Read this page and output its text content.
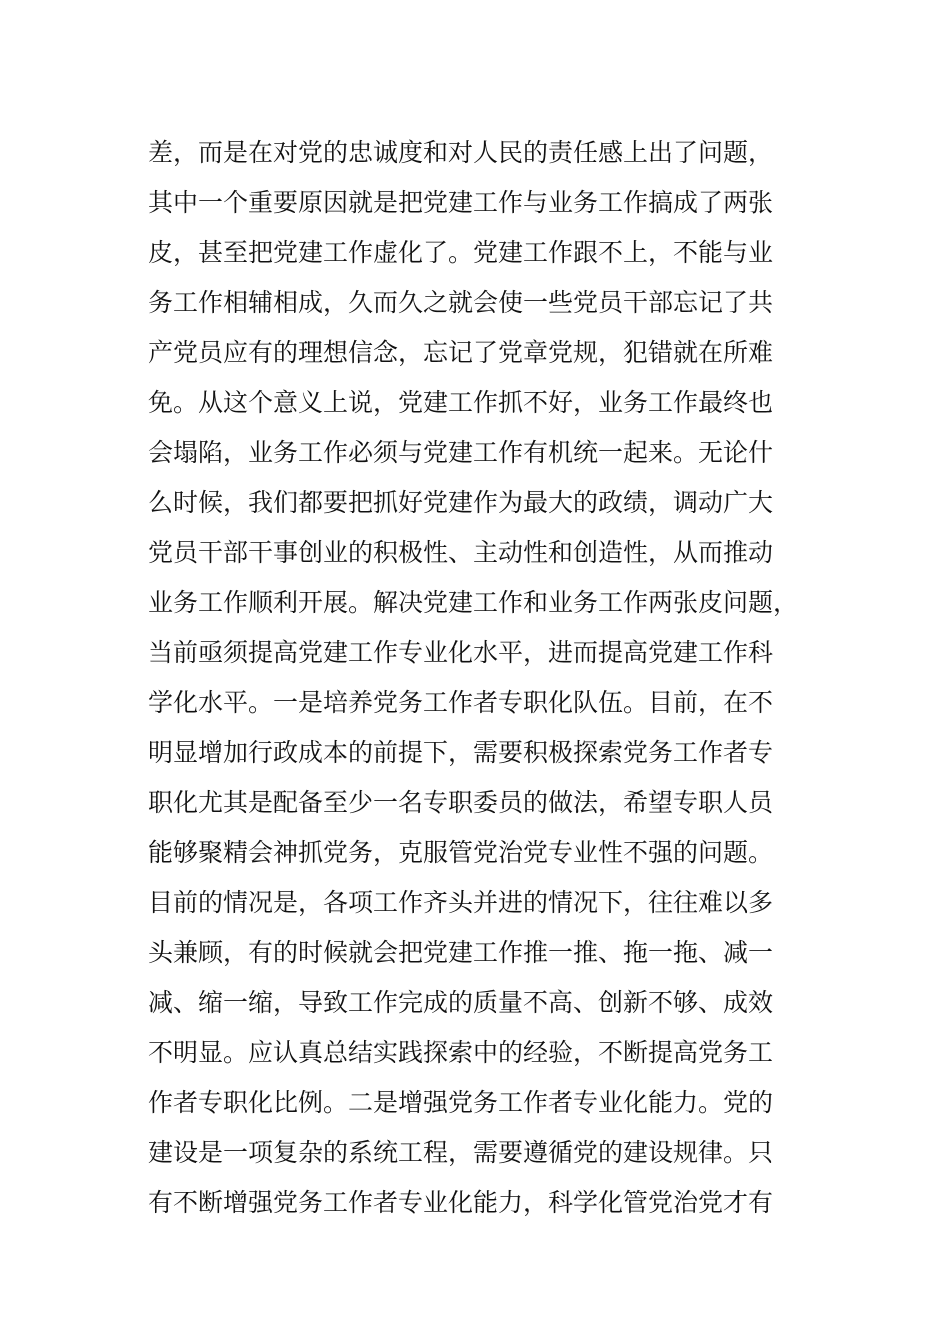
差，而是在对党的忠诚度和对人民的责任感上出了问题，
其中一个重要原因就是把党建工作与业务工作搞成了两张
皮，甚至把党建工作虚化了。党建工作跟不上，不能与业
务工作相辅相成，久而久之就会使一些党员干部忘记了共
产党员应有的理想信念，忘记了党章党规，犯错就在所难
免。从这个意义上说，党建工作抓不好，业务工作最终也
会塌陷，业务工作必须与党建工作有机统一起来。无论什
么时候，我们都要把抓好党建作为最大的政绩，调动广大
党员干部干事创业的积极性、主动性和创造性，从而推动
业务工作顺利开展。解决党建工作和业务工作两张皮问题，
当前亟须提高党建工作专业化水平，进而提高党建工作科
学化水平。一是培养党务工作者专职化队伍。目前，在不
明显增加行政成本的前提下，需要积极探索党务工作者专
职化尤其是配备至少一名专职委员的做法，希望专职人员
能够聚精会神抓党务，克服管党治党专业性不强的问题。
目前的情况是，各项工作齐头并进的情况下，往往难以多
头兼顾，有的时候就会把党建工作推一推、拖一拖、减一
减、缩一缩，导致工作完成的质量不高、创新不够、成效
不明显。应认真总结实践探索中的经验，不断提高党务工
作者专职化比例。二是增强党务工作者专业化能力。党的
建设是一项复杂的系统工程，需要遵循党的建设规律。只
有不断增强党务工作者专业化能力，科学化管党治党才有
